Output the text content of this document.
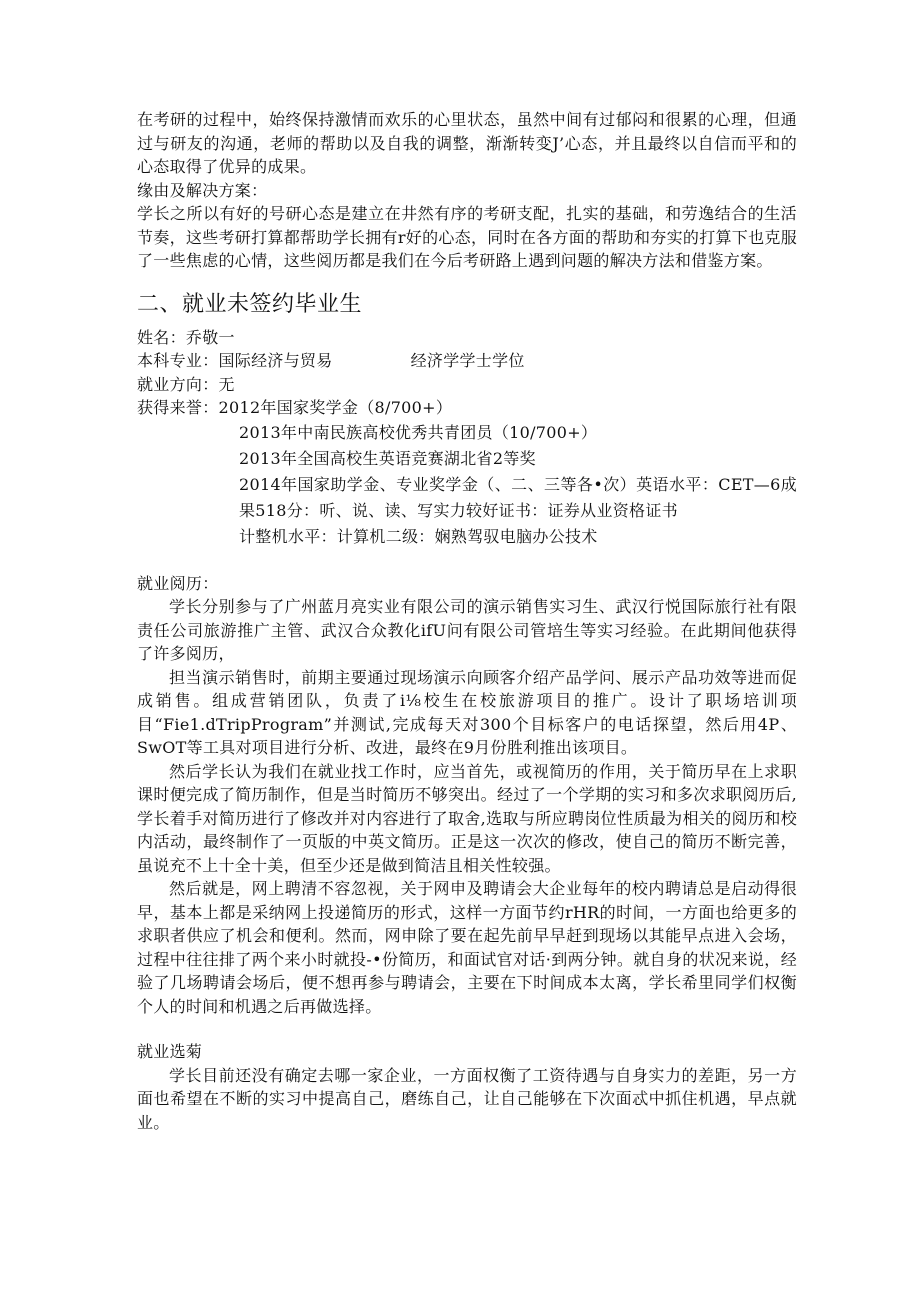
在考研的过程中，始终保持激情而欢乐的心里状态，虽然中间有过郁闷和很累的心理，但通过与研友的沟通，老师的帮助以及自我的调整，渐渐转变J’心态，并且最终以自信而平和的心态取得了优异的成果。

缘由及解决方案：

学长之所以有好的号研心态是建立在井然有序的考研支配，扎实的基础，和劳逸结合的生活节奏，这些考研打算都帮助学长拥有r好的心态，同时在各方面的帮助和夯实的打算下也克服了一些焦虑的心情，这些阅历都是我们在今后考研路上遇到问题的解决方法和借鉴方案。

二、就业未签约毕业生

姓名：乔敬一

本科专业：国际经济与贸易	经济学学士学位

就业方向：无

获得来誉：2012年国家奖学金（8/700+）

2013年中南民族高校优秀共青团员（10/700+）

2013年全国高校生英语竞赛湖北省2等奖

2014年国家助学金、专业奖学金（、二、三等各•次）英语水平：CET—6成果518分：听、说、读、写实力较好证书：证券从业资格证书

计整机水平：计算机二级：娴熟驾驭电脑办公技术

就业阅历：

学长分别参与了广州蓝月亮实业有限公司的演示销售实习生、武汉行悦国际旅行社有限责任公司旅游推广主管、武汉合众教化ifU问有限公司管培生等实习经验。在此期间他获得了许多阅历，

担当演示销售时，前期主要通过现场演示向顾客介绍产品学问、展示产品功效等进而促成销售。组成营销团队，负责了i⅛校生在校旅游项目的推广。设计了职场培训项目“Fie1.dTripProgram”并测试,完成每天对300个目标客户的电话探望，然后用4P、SwOT等工具对项目进行分析、改进，最终在9月份胜利推出该项目。

然后学长认为我们在就业找工作时，应当首先，或视简历的作用，关于简历早在上求职课时便完成了简历制作，但是当时简历不够突出。经过了一个学期的实习和多次求职阅历后,学长着手对简历进行了修改并对内容进行了取舍,选取与所应聘岗位性质最为相关的阅历和校内活动，最终制作了一页版的中英文简历。正是这一次次的修改，使自己的简历不断完善，虽说充不上十全十美，但至少还是做到简洁且相关性较强。

然后就是，网上聘清不容忽视，关于网申及聘请会大企业每年的校内聘请总是启动得很早，基本上都是采纳网上投递简历的形式，这样一方面节约rHR的时间，一方面也给更多的求职者供应了机会和便利。然而，网申除了要在起先前早早赶到现场以其能早点进入会场，过程中往往排了两个来小时就投-•份简历，和面试官对话·到两分钟。就自身的状况来说，经验了几场聘请会场后，便不想再参与聘请会，主要在下时间成本太离，学长希里同学们权衡个人的时间和机遇之后再做选择。

就业选菊

学长目前还没有确定去哪一家企业，一方面权衡了工资待遇与自身实力的差距，另一方面也希望在不断的实习中提高自己，磨练自己，让自己能够在下次面忒中抓住机遇，早点就业。
